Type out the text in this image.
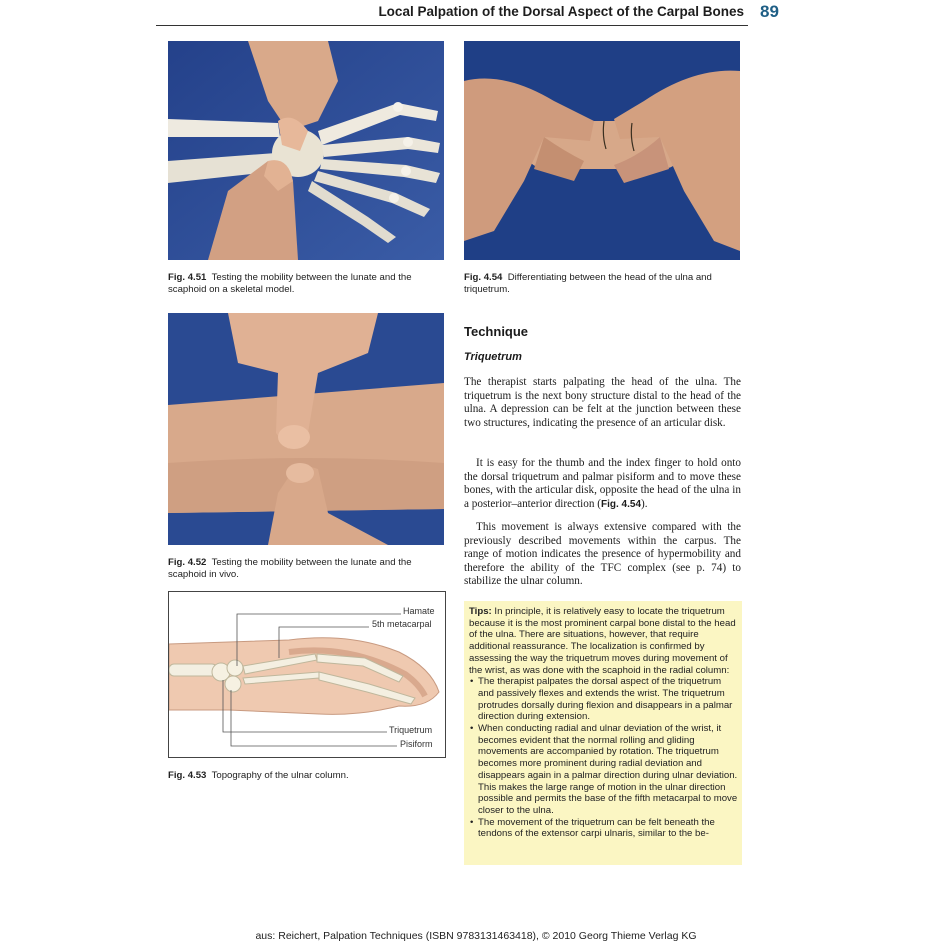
Local Palpation of the Dorsal Aspect of the Carpal Bones 89
Fig. 4.51 Testing the mobility between the lunate and the scaphoid on a skeletal model.
Fig. 4.54 Differentiating between the head of the ulna and triquetrum.
Fig. 4.52 Testing the mobility between the lunate and the scaphoid in vivo.
Hamate
5th metacarpal
Triquetrum
Pisiform
Fig. 4.53 Topography of the ulnar column.
Technique
Triquetrum
The therapist starts palpating the head of the ulna. The triquetrum is the next bony structure distal to the head of the ulna. A depression can be felt at the junction between these two structures, indicating the presence of an articular disk.
It is easy for the thumb and the index finger to hold onto the dorsal triquetrum and palmar pisiform and to move these bones, with the articular disk, opposite the head of the ulna in a posterior–anterior direction (Fig. 4.54).
This movement is always extensive compared with the previously described movements within the carpus. The range of motion indicates the presence of hypermobility and therefore the ability of the TFC complex (see p. 74) to stabilize the ulnar column.
Tips: In principle, it is relatively easy to locate the triquetrum because it is the most prominent carpal bone distal to the head of the ulna. There are situations, however, that require additional reassurance. The localization is confirmed by assessing the way the triquetrum moves during movement of the wrist, as was done with the scaphoid in the radial column:
• The therapist palpates the dorsal aspect of the triquetrum and passively flexes and extends the wrist. The triquetrum protrudes dorsally during flexion and disappears in a palmar direction during extension.
• When conducting radial and ulnar deviation of the wrist, it becomes evident that the normal rolling and gliding movements are accompanied by rotation. The triquetrum becomes more prominent during radial deviation and disappears again in a palmar direction during ulnar deviation. This makes the large range of motion in the ulnar direction possible and permits the base of the fifth metacarpal to move closer to the ulna.
• The movement of the triquetrum can be felt beneath the tendons of the extensor carpi ulnaris, similar to the be-
aus: Reichert, Palpation Techniques (ISBN 9783131463418), © 2010 Georg Thieme Verlag KG
